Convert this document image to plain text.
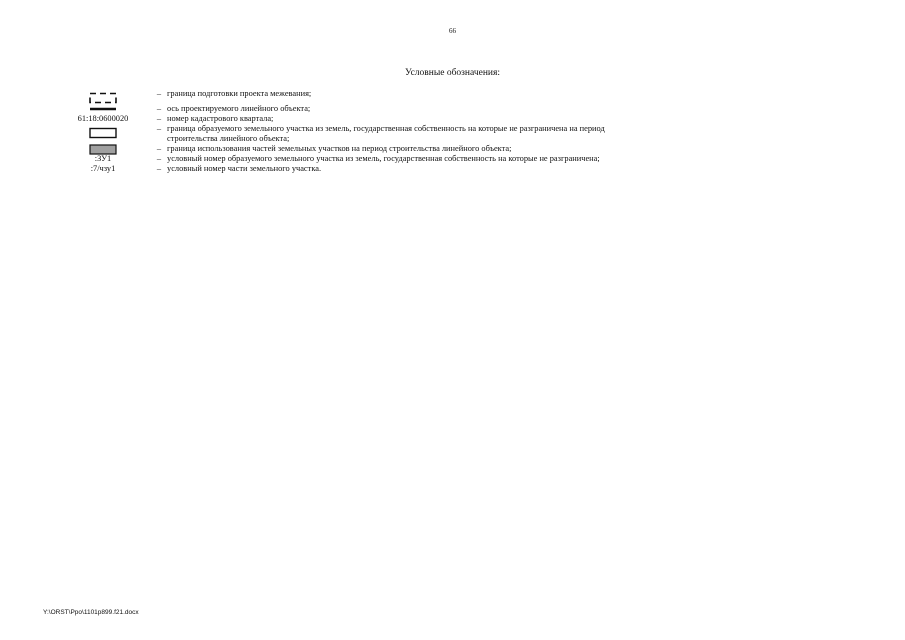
66
Условные обозначения:
– граница подготовки проекта межевания;
– ось проектируемого линейного объекта;
61:18:0600020	– номер кадастрового квартала;
– граница образуемого земельного участка из земель, государственная собственность на которые не разграничена на период
строительства линейного объекта;
– граница использования частей земельных участков на период строительства линейного объекта;
:ЗУ1	– условный номер образуемого земельного участка из земель, государственная собственность на которые не разграничена;
:7/чзу1	– условный номер части земельного участка.
Y:\ORST\Ppo\1101p899.f21.docx
